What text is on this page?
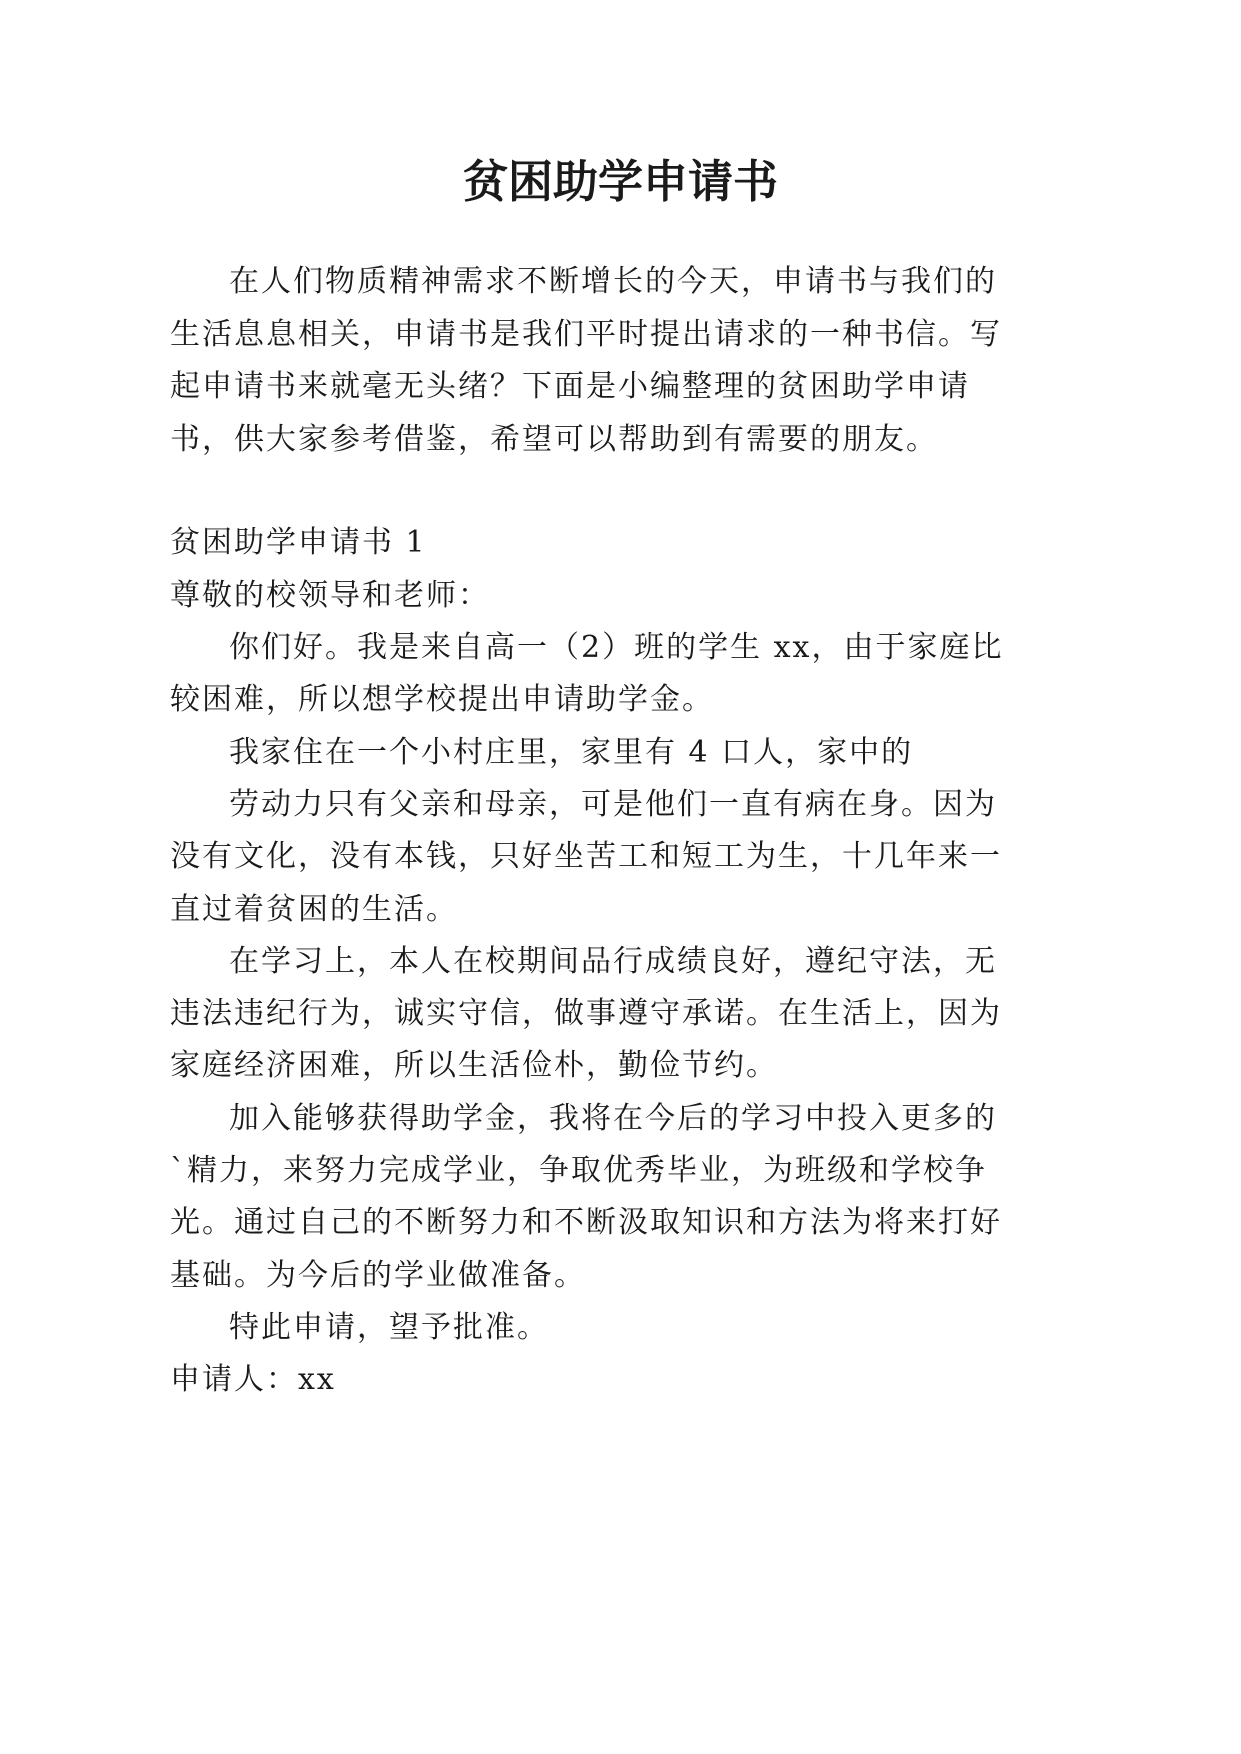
贫困助学申请书

在人们物质精神需求不断增长的今天，申请书与我们的

生活息息相关，申请书是我们平时提出请求的一种书信。写

起申请书来就毫无头绪？下面是小编整理的贫困助学申请

书，供大家参考借鉴，希望可以帮助到有需要的朋友。

贫困助学申请书 1

尊敬的校领导和老师：

你们好。我是来自高一（2）班的学生 xx，由于家庭比

较困难，所以想学校提出申请助学金。

我家住在一个小村庄里，家里有 4 口人，家中的

劳动力只有父亲和母亲，可是他们一直有病在身。因为

没有文化，没有本钱，只好坐苦工和短工为生，十几年来一

直过着贫困的生活。

在学习上，本人在校期间品行成绩良好，遵纪守法，无

违法违纪行为，诚实守信，做事遵守承诺。在生活上，因为

家庭经济困难，所以生活俭朴，勤俭节约。

加入能够获得助学金，我将在今后的学习中投入更多的

`精力，来努力完成学业，争取优秀毕业，为班级和学校争

光。通过自己的不断努力和不断汲取知识和方法为将来打好

基础。为今后的学业做准备。

特此申请，望予批准。

申请人：xx
